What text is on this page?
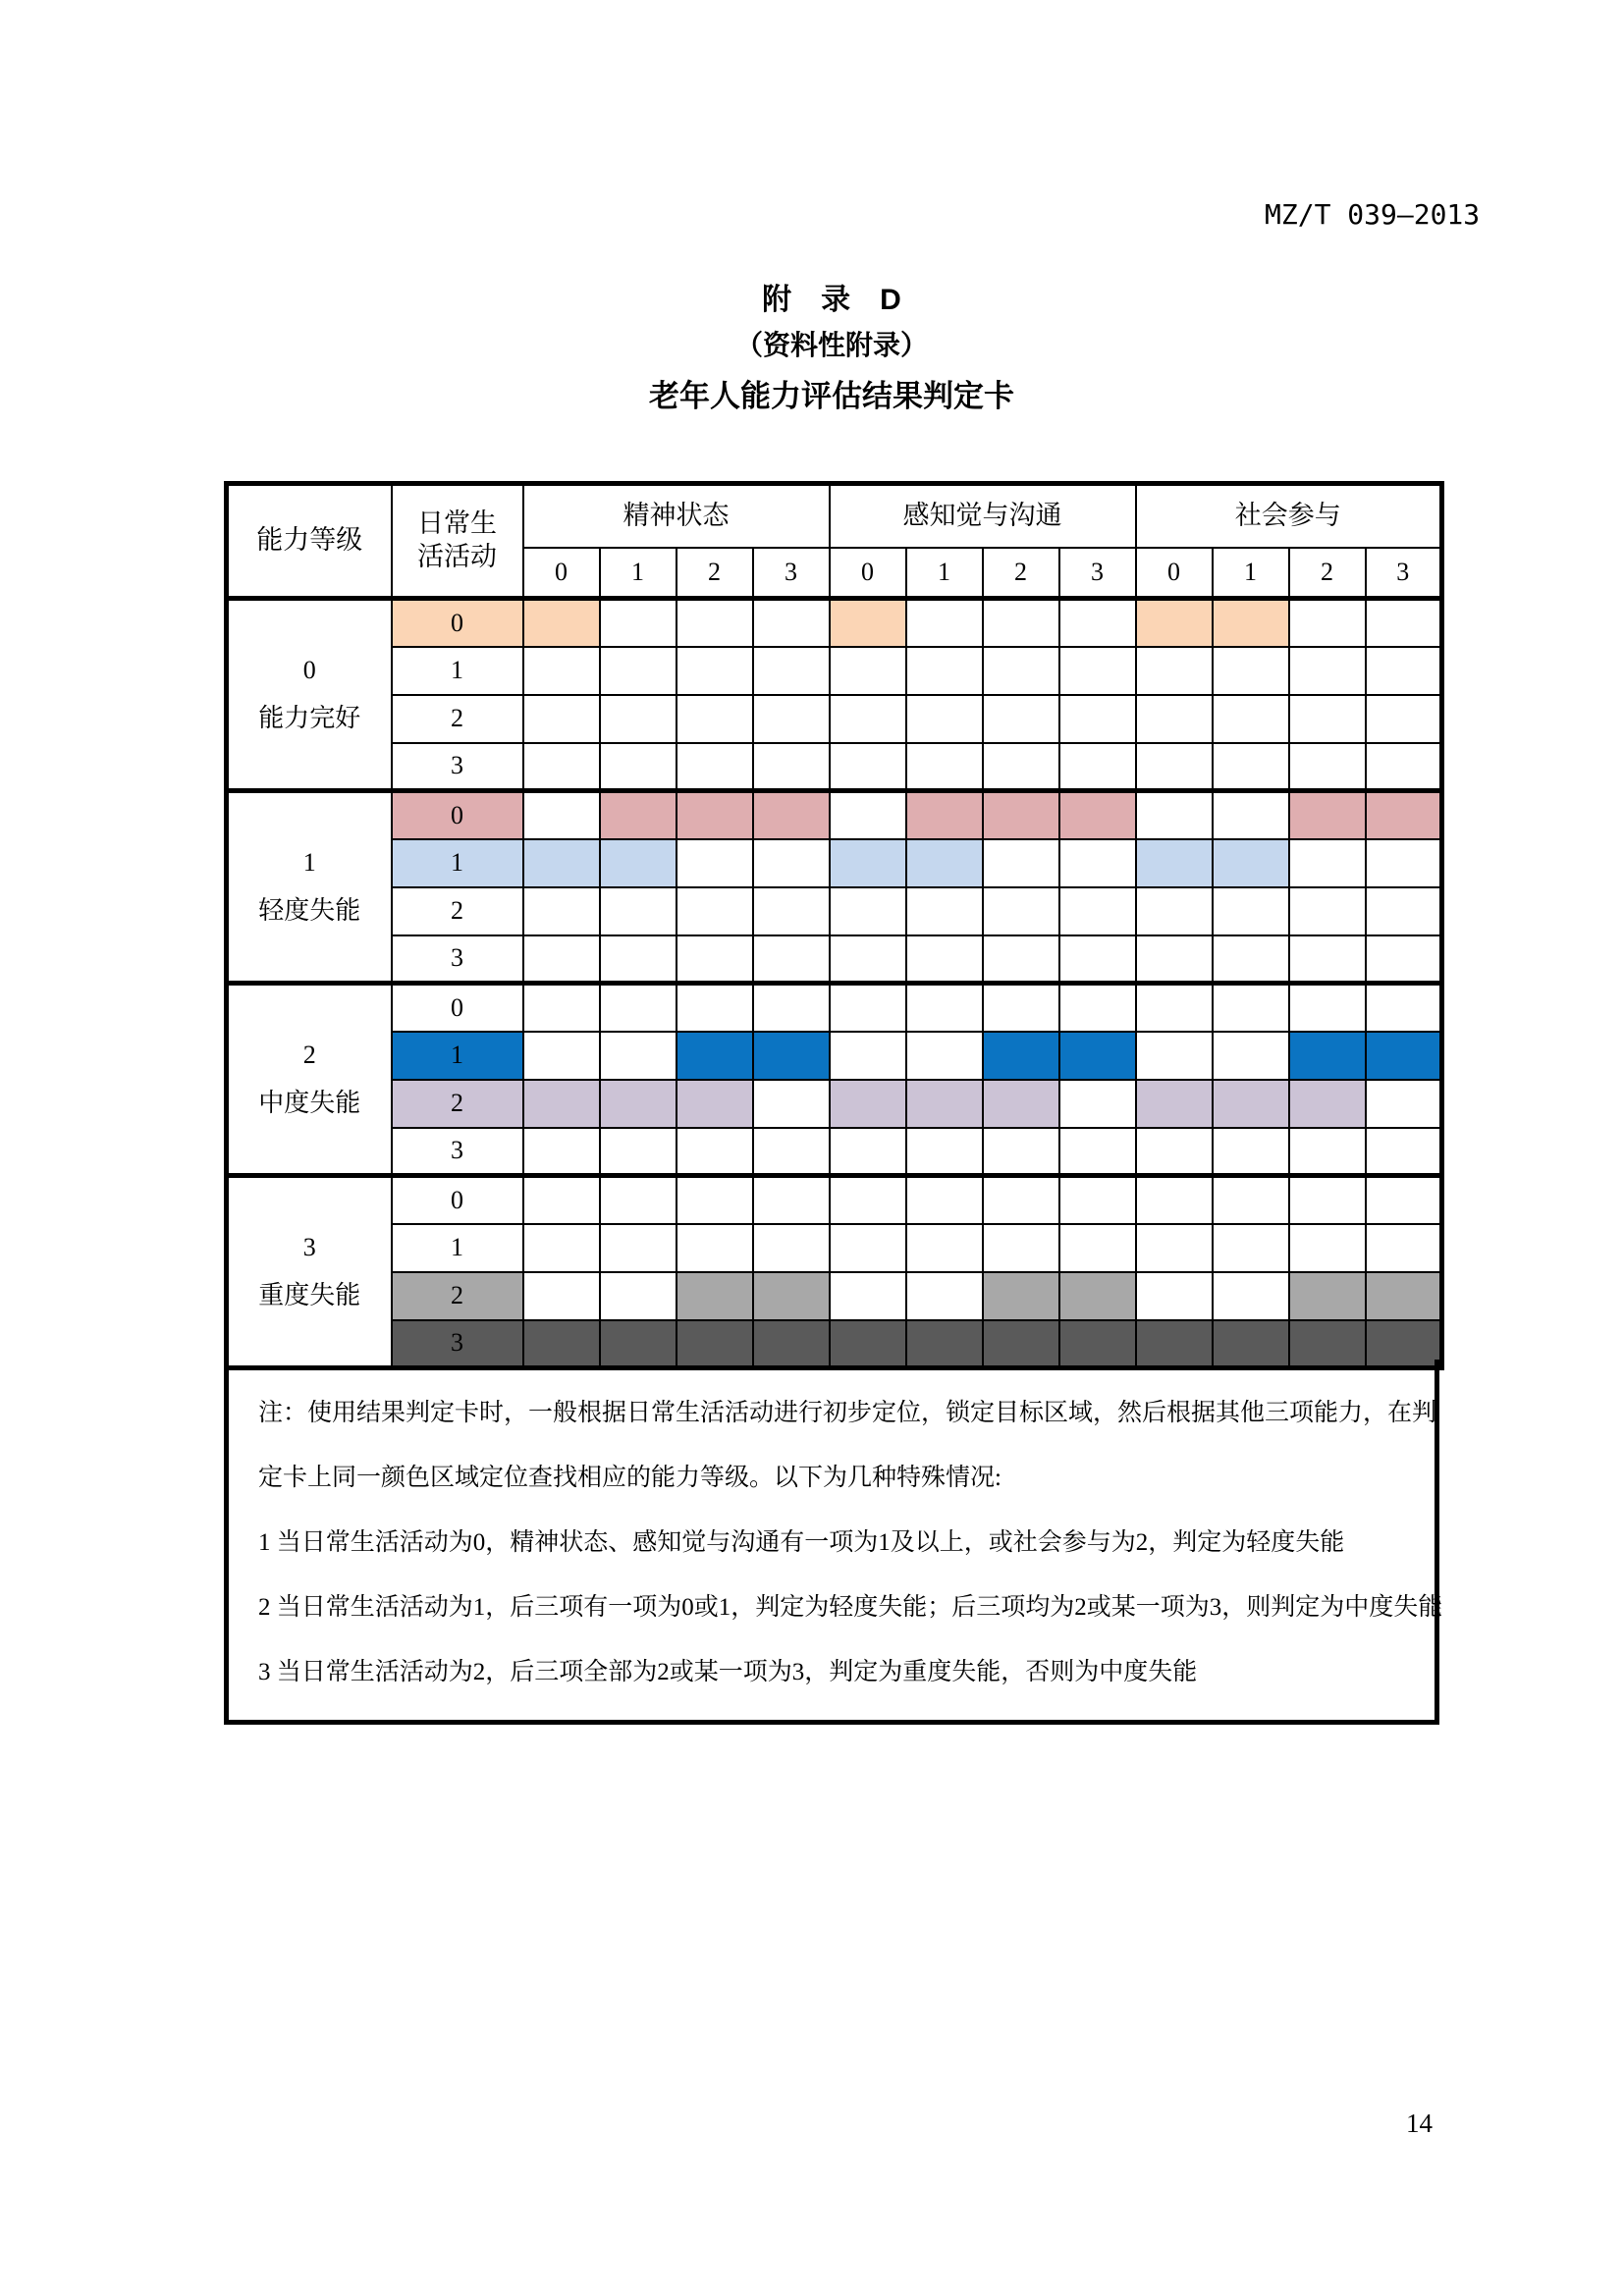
MZ/T 039—2013
附　录　D
（资料性附录）
老年人能力评估结果判定卡
能力等级	日常生
活活动	精神状态				感知觉与沟通				社会参与			
		0	1	2	3	0	1	2	3	0	1	2	3

0
能力完好	0												
	1												
	2												
	3												

1
轻度失能	0												
	1												
	2												
	3												

2
中度失能	0												
	1												
	2												
	3												

3
重度失能	0												
	1												
	2												
	3												
注：使用结果判定卡时，一般根据日常生活活动进行初步定位，锁定目标区域，然后根据其他三项能力，在判
定卡上同一颜色区域定位查找相应的能力等级。以下为几种特殊情况:
1 当日常生活活动为0，精神状态、感知觉与沟通有一项为1及以上，或社会参与为2，判定为轻度失能
2 当日常生活活动为1，后三项有一项为0或1，判定为轻度失能；后三项均为2或某一项为3，则判定为中度失能
3 当日常生活活动为2，后三项全部为2或某一项为3，判定为重度失能，否则为中度失能
14
